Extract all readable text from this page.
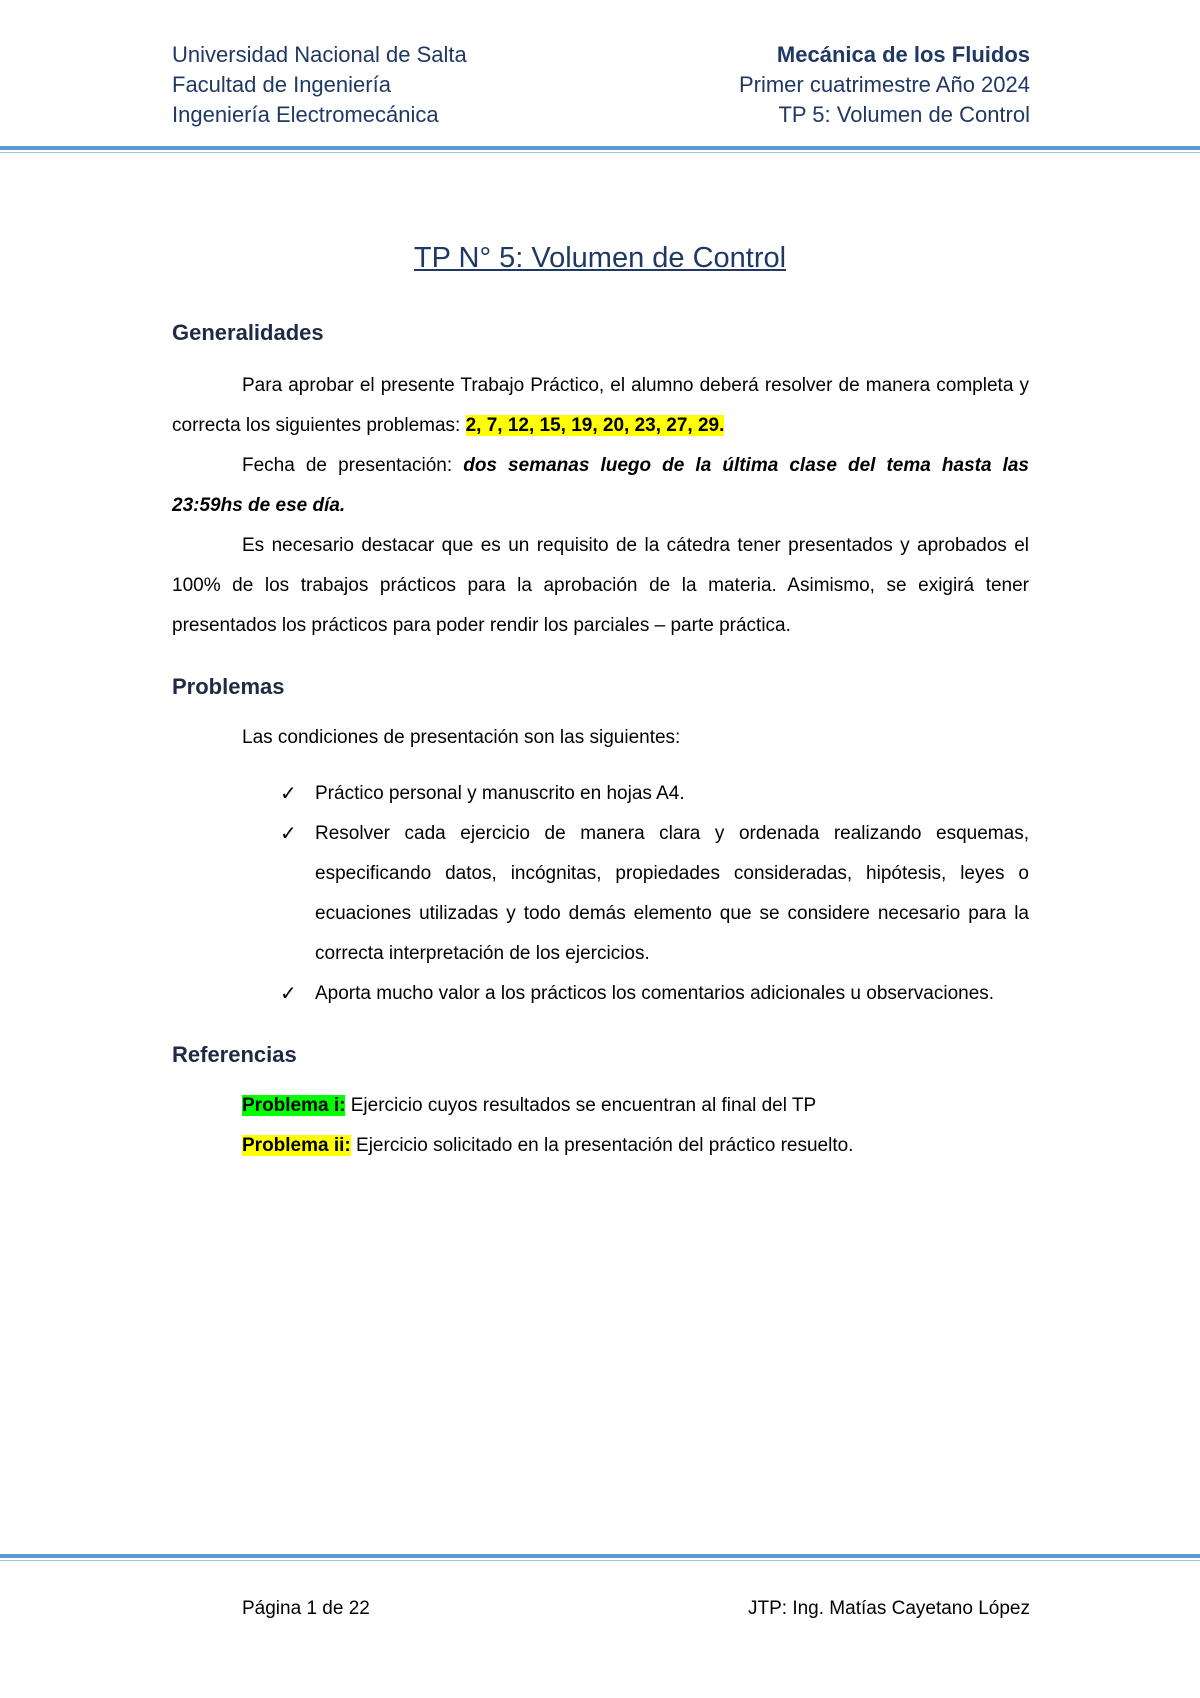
Universidad Nacional de Salta
Facultad de Ingeniería
Ingeniería Electromecánica
Mecánica de los Fluidos
Primer cuatrimestre Año 2024
TP 5: Volumen de Control
TP N° 5: Volumen de Control
Generalidades

Para aprobar el presente Trabajo Práctico, el alumno deberá resolver de manera completa y correcta los siguientes problemas: 2, 7, 12, 15, 19, 20, 23, 27, 29.

Fecha de presentación: dos semanas luego de la última clase del tema hasta las 23:59hs de ese día.

Es necesario destacar que es un requisito de la cátedra tener presentados y aprobados el 100% de los trabajos prácticos para la aprobación de la materia. Asimismo, se exigirá tener presentados los prácticos para poder rendir los parciales – parte práctica.

Problemas

Las condiciones de presentación son las siguientes:

✓ Práctico personal y manuscrito en hojas A4.
✓ Resolver cada ejercicio de manera clara y ordenada realizando esquemas, especificando datos, incógnitas, propiedades consideradas, hipótesis, leyes o ecuaciones utilizadas y todo demás elemento que se considere necesario para la correcta interpretación de los ejercicios.
✓ Aporta mucho valor a los prácticos los comentarios adicionales u observaciones.
Referencias
Problema i: Ejercicio cuyos resultados se encuentran al final del TP
Problema ii: Ejercicio solicitado en la presentación del práctico resuelto.
Página 1 de 22	JTP: Ing. Matías Cayetano López
